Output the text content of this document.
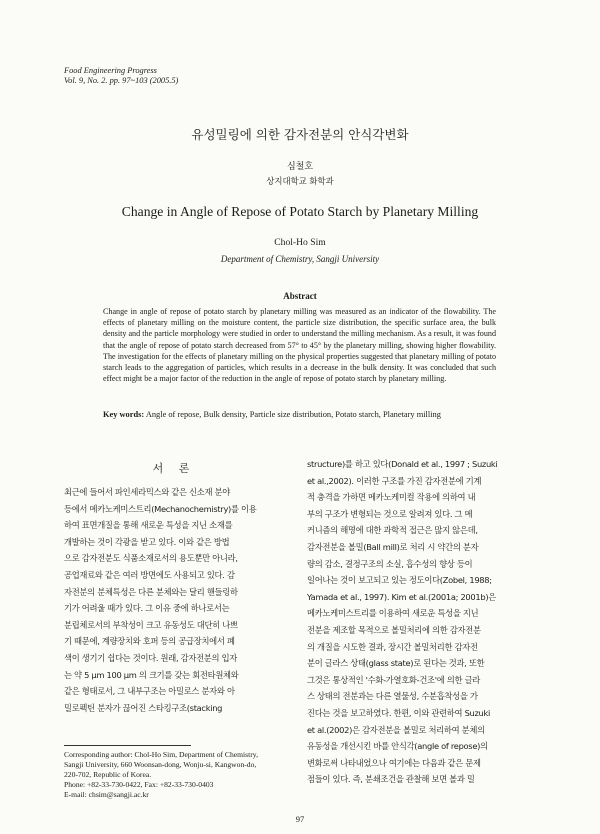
Food Engineering Progress
Vol. 9, No. 2. pp. 97~103 (2005.5)
유성밀링에 의한 감자전분의 안식각변화
심철호
상지대학교 화학과
Change in Angle of Repose of Potato Starch by Planetary Milling
Chol-Ho Sim
Department of Chemistry, Sangji University
Abstract
Change in angle of repose of potato starch by planetary milling was measured as an indicator of the flowability. The effects of planetary milling on the moisture content, the particle size distribution, the specific surface area, the bulk density and the particle morphology were studied in order to understand the milling mechanism. As a result, it was found that the angle of repose of potato starch decreased from 57° to 45° by the planetary milling, showing higher flowability. The investigation for the effects of planetary milling on the physical properties suggested that planetary milling of potato starch leads to the aggregation of particles, which results in a decrease in the bulk density. It was concluded that such effect might be a major factor of the reduction in the angle of repose of potato starch by planetary milling.
Key words: Angle of repose, Bulk density, Particle size distribution, Potato starch, Planetary milling
서 론
최근에 들어서 파인세라믹스와 같은 신소재 분야
등에서 메카노케미스트리(Mechanochemistry)를 이용
하여 표면개질을 통해 새로운 특성을 지닌 소재를
개발하는 것이 각광을 받고 있다. 이와 같은 방법
으로 감자전분도 식품소재로서의 용도뿐만 아니라,
공업재료와 같은 여러 방면에도 사용되고 있다. 감
자전분의 분체특성은 다른 분체와는 달리 핸들링하
기가 어려울 때가 있다. 그 이유 중에 하나로서는
분립체로서의 부착성이 크고 유동성도 대단히 나쁘
기 때문에, 계량장치와 호퍼 등의 공급장치에서 폐
색이 생기기 쉽다는 것이다. 원래, 감자전분의 입자
는 약 5 μm 100 μm 의 크기를 갖는 회전타원체와
같은 형태로서, 그 내부구조는 아밀로스 분자와 아
밀로펙틴 분자가 끊어진 스타킹구조(stacking
structure)를 하고 있다(Donald et al., 1997 ; Suzuki
et al.,2002). 이러한 구조를 가진 감자전분에 기계
적 충격을 가하면 메카노케미컬 작용에 의하여 내
부의 구조가 변형되는 것으로 알려져 있다. 그 메
커니즘의 해명에 대한 과학적 접근은 많지 않은데,
감자전분을 볼밀(Ball mill)로 처리 시 약간의 분자
량의 감소, 결정구조의 소실, 흡수성의 향상 등이
일어나는 것이 보고되고 있는 정도이다(Zobel, 1988;
Yamada et al., 1997). Kim et al.(2001a; 2001b)은
메카노케미스트리를 이용하여 새로운 특성을 지닌
전분을 제조할 목적으로 볼밀처리에 의한 감자전분
의 개질을 시도한 결과, 장시간 볼밀처리한 감자전
분이 글라스 상태(glass state)로 된다는 것과, 또한
그것은 통상적인 '수화-가열호화-건조'에 의한 글라
스 상태의 전분과는 다른 열물성, 수분흡착성을 가
진다는 것을 보고하였다. 한편, 이와 관련하여 Suzuki
et al.(2002)은 감자전분을 볼밀로 처리하여 분체의
유동성을 개선시킨 바를 안식각(angle of repose)의
변화로써 나타내었으나 여기에는 다음과 같은 문제
점들이 있다. 즉, 분쇄조건을 관찰해 보면 볼과 밀
Corresponding author: Chol-Ho Sim, Department of Chemistry,
Sangji University, 660 Woonsan-dong, Wonju-si, Kangwon-do,
220-702, Republic of Korea.
Phone: +82-33-730-0422, Fax: +82-33-730-0403
E-mail: chsim@sangji.ac.kr
97
